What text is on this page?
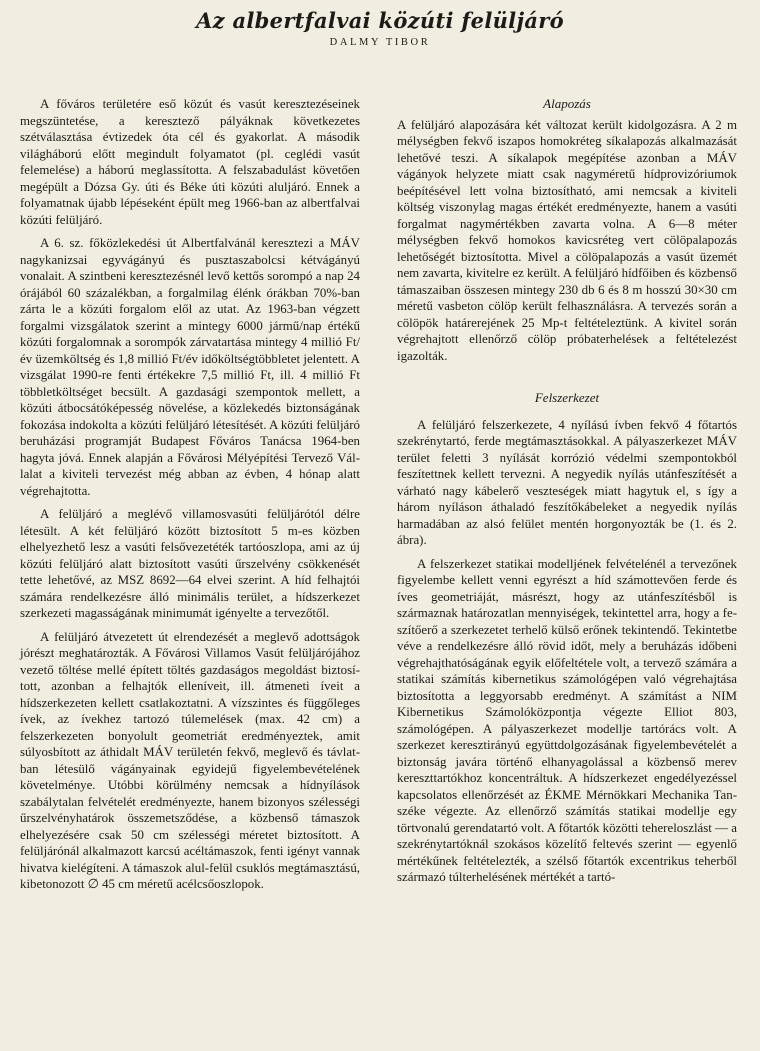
Az albertfalvai közúti felüljáró
DALMY TIBOR

A főváros területére eső közút és vasút keresztezéseinek megszüntetése, a keresztező pályáknak következetes szétválasztása évtizedek óta cél és gyakorlat. A második világháború előtt megindult folyamatot (pl. ceglédi vasút felemelése) a háború meglassította. A felszabadulást követően megépült a Dózsa Gy. úti és Béke úti közúti aluljáró. Ennek a folyamatnak újabb lépéseként épült meg 1966-ban az albertfalvai közúti felüljáró.

A 6. sz. főközlekedési út Albertfalvánál keresztezi a MÁV nagykanizsai egyvágányú és pusztaszabolcsi kétvágányú vonalait. A szintbeni keresztezésnél levő kettős sorompó a nap 24 órájából 60 százalékban, a forgalmilag élénk órákban 70%-ban zárta le a közúti forgalom elől az utat. Az 1963-ban végzett forgalmi vizsgálatok szerint a mintegy 6000 jármű/nap értékű közúti forgalomnak a sorompók zárvatartása mintegy 4 millió Ft/év üzemköltség és 1,8 millió Ft/év időköltségtöbbletet jelentett. A vizsgálat 1990-re fenti értékekre 7,5 millió Ft, ill. 4 millió Ft többletköltséget becsült. A gazdasági szempontok mellett, a közúti átbocsátóképesség növelése, a közlekedés biztonságának fokozása indokolta a közúti felüljáró létesítését. A közúti felüljáró beruházási programját Budapest Főváros Tanácsa 1964-ben hagyta jóvá. Ennek alapján a Fővárosi Mélyépítési Tervező Vállalat a kiviteli tervezést még abban az évben, 4 hónap alatt végrehajtotta.

A felüljáró a meglévő villamosvasúti felüljárótól délre létesült. A két felüljáró között biztosított 5 m-es közben elhelyezhető lesz a vasúti felsővezetéték tartóoszlopa, ami az új közúti felüljáró alatt biztosított vasúti űrszelvény csökkenését tette lehetővé, az MSZ 8692—64 elvei szerint. A híd felhajtói számára rendelkezésre álló minimális terület, a hídszerkezet szerkezeti magasságának minimumát igényelte a tervezőtől.

A felüljáró átvezetett út elrendezését a meglevő adottságok jórészt meghatározták. A Fővárosi Villamos Vasút felüljárójához vezető töltése mellé épített töltés gazdaságos megoldást biztosított, azonban a felhajtók elleníveit, ill. átmeneti íveit a hídszerkezeten kellett csatlakoztatni. A vízszintes és függőleges ívek, az ívekhez tartozó túlemelések (max. 42 cm) a felszerkezeten bonyolult geometriát eredményeztek, amit súlyosbított az áthidalt MÁV területén fekvő, meglevő és távlatban létesülő vágányainak egyidejű figyelembevételének követelménye. Utóbbi körülmény nemcsak a hídnyílások szabálytalan felvételét eredményezte, hanem bizonyos szélességi űrszelvényhatárok összemetsződése, a közbenső támaszok elhelyezésére csak 50 cm szélességi méretet biztosított. A felüljárónál alkalmazott karcsú acéltámaszok, fenti igényt vannak hivatva kielégíteni. A támaszok alul-felül csuklós megtámasztású, kibetonozott ∅ 45 cm méretű acélcsőoszlopok.

Alapozás

A felüljáró alapozására két változat került kidolgozásra. A 2 m mélységben fekvő iszapos homokréteg síkalapozás alkalmazását lehetővé teszi. A síkalapok megépítése azonban a MÁV vágányok helyzete miatt csak nagyméretű hídprovizóriumok beépítésével lett volna biztosítható, ami nemcsak a kiviteli költség viszonylag magas értékét eredményezte, hanem a vasúti forgalmat nagymértékben zavarta volna. A 6—8 méter mélységben fekvő homokos kavicsréteg vert cölöpalapozás lehetőségét biztosította. Mivel a cölöpalapozás a vasút üzemét nem zavarta, kivitelre ez került. A felüljáró hídfőiben és közbenső támaszaiban összesen mintegy 230 db 6 és 8 m hosszú 30×30 cm méretű vasbeton cölöp került felhasználásra. A tervezés során a cölöpök határerejének 25 Mp-t feltételeztünk. A kivitel során végrehajtott ellenőrző cölöp próbaterhelések a feltételezést igazolták.

Felszerkezet

A felüljáró felszerkezete, 4 nyílású ívben fekvő 4 főtartós szekrénytartó, ferde megtámasztásokkal. A pályaszerkezet MÁV terület feletti 3 nyílását korrózió védelmi szempontokból feszítettnek kellett tervezni. A negyedik nyílás utánfeszítését a várható nagy kábelerő veszteségek miatt hagytuk el, s így a három nyíláson áthaladó feszítőkábeleket a negyedik nyílás harmadában az alsó felület mentén horgonyozták be (1. és 2. ábra).

A felszerkezet statikai modelljének felvételénél a tervezőnek figyelembe kellett venni egyrészt a híd számottevően ferde és íves geometriáját, másrészt, hogy az utánfeszítésből is származnak határozatlan mennyiségek, tekintettel arra, hogy a feszítőerő a szerkezetet terhelő külső erőnek tekintendő. Tekintetbe véve a rendelkezésre álló rövid időt, mely a beruházás időbeni végrehajthatóságának egyik előfeltétele volt, a tervező számára a statikai számítás kibernetikus számológépen való végrehajtása biztosította a leggyorsabb eredményt. A számítást a NIM Kibernetikus Számolóközpontja végezte Elliot 803, számológépen. A pályaszerkezet modellje tartórács volt. A szerkezet keresztirányú együttdolgozásának figyelembevételét a biztonság javára történő elhanyagolással a közbenső merev kereszttartókhoz koncentráltuk. A hídszerkezet engedélyezéssel kapcsolatos ellenőrzését az ÉKME Mérnökkari Mechanika Tanszéke végezte. Az ellenőrző számítás statikai modellje egy törtvonalú gerendatartó volt. A főtartók közötti tehereloszlást — a szekrénytartóknál szokásos közelítő feltevés szerint — egyenlő mértékűnek feltételezték, a szélső főtartók excentrikus teherből származó túlterhelésének mértékét a tartó-
